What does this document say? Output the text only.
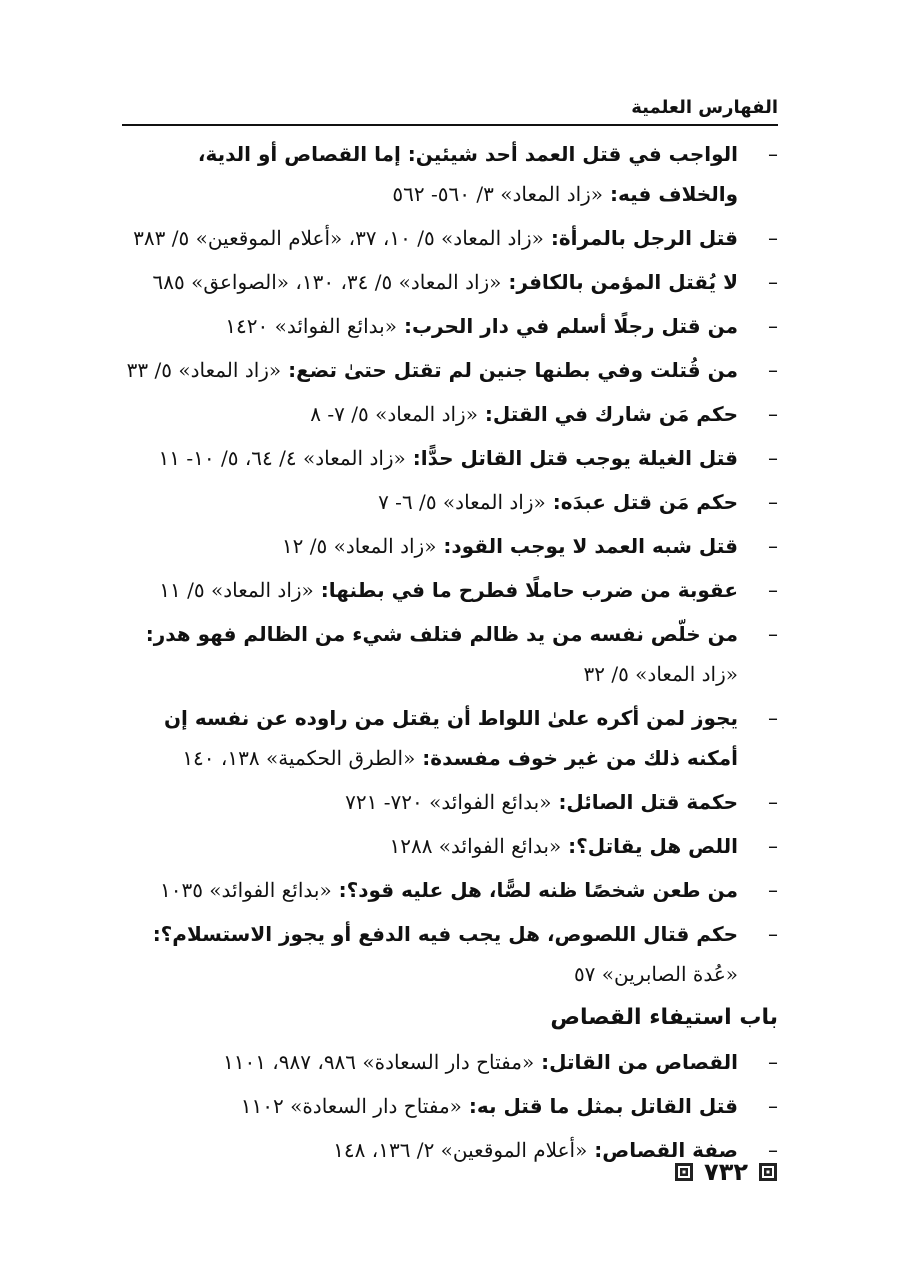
الفهارس العلمية
–
الواجب في قتل العمد أحد شيئين: إما القصاص أو الدية، والخلاف فيه:«زاد المعاد» ٣/ ٥٦٠- ٥٦٢
–
قتل الرجل بالمرأة:«زاد المعاد» ٥/ ١٠، ٣٧، «أعلام الموقعين» ٥/ ٣٨٣
–
لا يُقتل المؤمن بالكافر:«زاد المعاد» ٥/ ٣٤، ١٣٠، «الصواعق» ٦٨٥
–
من قتل رجلًا أسلم في دار الحرب:«بدائع الفوائد» ١٤٢٠
–
من قُتلت وفي بطنها جنين لم تقتل حتىٰ تضع:«زاد المعاد» ٥/ ٣٣
–
حكم مَن شارك في القتل:«زاد المعاد» ٥/ ٧- ٨
–
قتل الغيلة يوجب قتل القاتل حدًّا:«زاد المعاد» ٤/ ٦٤، ٥/ ١٠- ١١
–
حكم مَن قتل عبدَه:«زاد المعاد» ٥/ ٦- ٧
–
قتل شبه العمد لا يوجب القود:«زاد المعاد» ٥/ ١٢
–
عقوبة من ضرب حاملًا فطرح ما في بطنها:«زاد المعاد» ٥/ ١١
–
من خلّص نفسه من يد ظالم فتلف شيء من الظالم فهو هدر:«زاد المعاد» ٥/ ٣٢
–
يجوز لمن أكره علىٰ اللواط أن يقتل من راوده عن نفسه إن أمكنه ذلك من غير خوف مفسدة:«الطرق الحكمية» ١٣٨، ١٤٠
–
حكمة قتل الصائل:«بدائع الفوائد» ٧٢٠- ٧٢١
–
اللص هل يقاتل؟:«بدائع الفوائد» ١٢٨٨
–
من طعن شخصًا ظنه لصًّا، هل عليه قود؟:«بدائع الفوائد» ١٠٣٥
–
حكم قتال اللصوص، هل يجب فيه الدفع أو يجوز الاستسلام؟:«عُدة الصابرين» ٥٧
باب استيفاء القصاص
–
القصاص من القاتل:«مفتاح دار السعادة» ٩٨٦، ٩٨٧، ١١٠١
–
قتل القاتل بمثل ما قتل به:«مفتاح دار السعادة» ١١٠٢
–
صفة القصاص:«أعلام الموقعين» ٢/ ١٣٦، ١٤٨
٧٣٢
